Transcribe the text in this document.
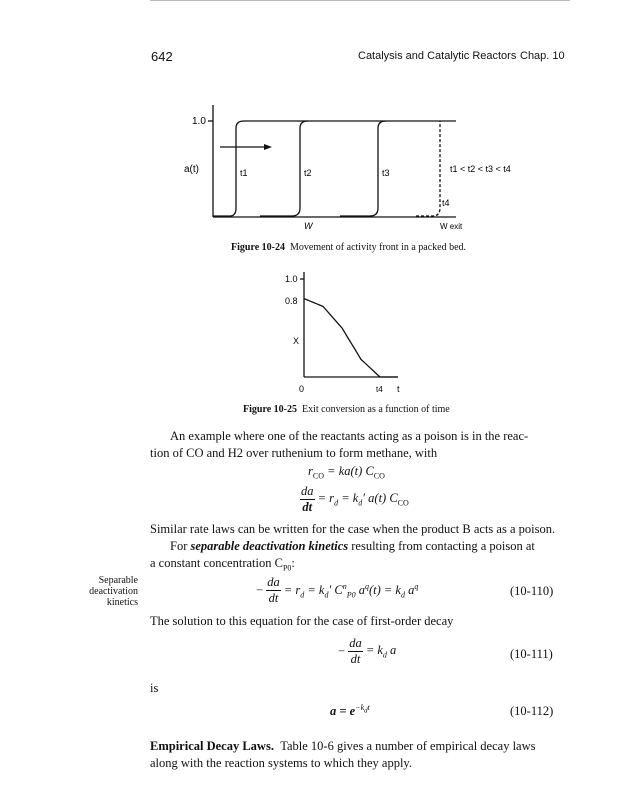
642	Catalysis and Catalytic Reactors Chap. 10
1.0
a(t)	t1	t2	t3
t4
t1 < t2 < t3 < t4
W	W exit
Figure 10-24 Movement of activity front in a packed bed.
1.0
0.8
X
0	t4 t
Figure 10-25 Exit conversion as a function of time
An example where one of the reactants acting as a poison is in the reac-
tion of CO and H2 over ruthenium to form methane, with
$r_{CO} = ka(t)$ $C_{CO}$
$\frac{da}{dt} = r_d = k_d'$ a(t) $C_{CO}$
Similar rate laws can be written for the case when the product B acts as a poison.
For separable deactivation kinetics resulting from contacting a poison at
a constant concentration $C_{P0}$:
Separable
deactivation
kinetics
− $\frac{da}{dt} = r_d = k_d'$ $C^n_{P0}$ $a^q(t) = k_d$ $a^q$	(10-110)
The solution to this equation for the case of first-order decay
− $\frac{da}{dt} = k_d$ a	(10-111)
is
$a = e^{-k_dt}$	(10-112)
Empirical Decay Laws. Table 10-6 gives a number of empirical decay laws
along with the reaction systems to which they apply.
